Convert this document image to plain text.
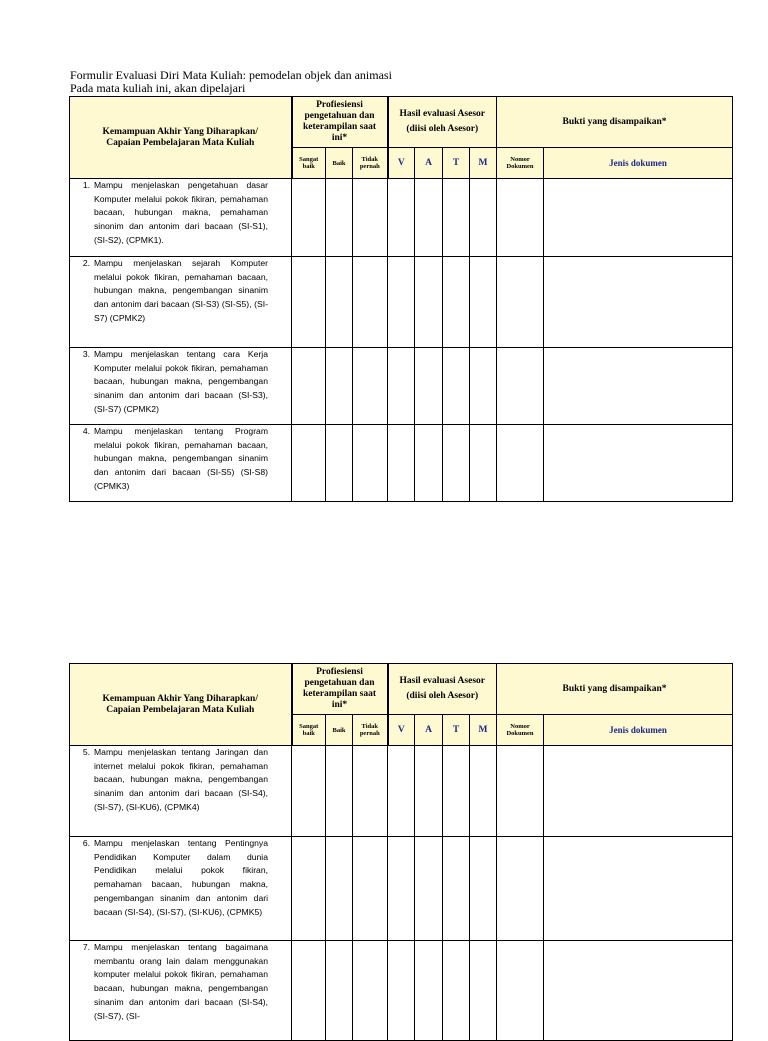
Formulir Evaluasi Diri Mata Kuliah: pemodelan objek dan animasi
Pada mata kuliah ini, akan dipelajari
Kemampuan Akhir Yang Diharapkan/ Capaian Pembelajaran Mata Kuliah	Profiesiensi pengetahuan dan keterampilan saat ini*			Hasil evaluasi Asesor (diisi oleh Asesor)				Bukti yang disampaikan*	
	Sangat baik	Baik	Tidak pernah	V	A	T	M	Nomor Dokumen	Jenis dokumen
1. Mampu menjelaskan pengetahuan dasar Komputer melalui pokok fikiran, pemahaman bacaan, hubungan makna, pemahaman sinonim dan antonim dari bacaan (SI-S1), (SI-S2), (CPMK1).									
2. Mampu menjelaskan sejarah Komputer melalui pokok fikiran, pemahaman bacaan, hubungan makna, pengembangan sinanim dan antonim dari bacaan (SI-S3) (SI-S5), (SI-S7) (CPMK2)									
3. Mampu menjelaskan tentang cara Kerja Komputer melalui pokok fikiran, pemahaman bacaan, hubungan makna, pengembangan sinanim dan antonim dari bacaan (SI-S3), (SI-S7) (CPMK2)									
4. Mampu menjelaskan tentang Program melalui pokok fikiran, pemahaman bacaan, hubungan makna, pengembangan sinanim dan antonim dari bacaan (SI-S5) (SI-S8) (CPMK3)									
Kemampuan Akhir Yang Diharapkan/ Capaian Pembelajaran Mata Kuliah	Profiesiensi pengetahuan dan keterampilan saat ini*			Hasil evaluasi Asesor (diisi oleh Asesor)				Bukti yang disampaikan*	
	Sangat baik	Baik	Tidak pernah	V	A	T	M	Nomor Dokumen	Jenis dokumen
5. Mampu menjelaskan tentang Jaringan dan internet melalui pokok fikiran, pemahaman bacaan, hubungan makna, pengembangan sinanim dan antonim dari bacaan (SI-S4), (SI-S7), (SI-KU6), (CPMK4)									
6. Mampu menjelaskan tentang Pentingnya Pendidikan Komputer dalam dunia Pendidikan melalui pokok fikiran, pemahaman bacaan, hubungan makna, pengembangan sinanim dan antonim dari bacaan (SI-S4), (SI-S7), (SI-KU6), (CPMK5)									
7. Mampu menjelaskan tentang bagaimana membantu orang lain dalam menggunakan komputer melalui pokok fikiran, pemahaman bacaan, hubungan makna, pengembangan sinanim dan antonim dari bacaan (SI-S4), (SI-S7), (SI-									
